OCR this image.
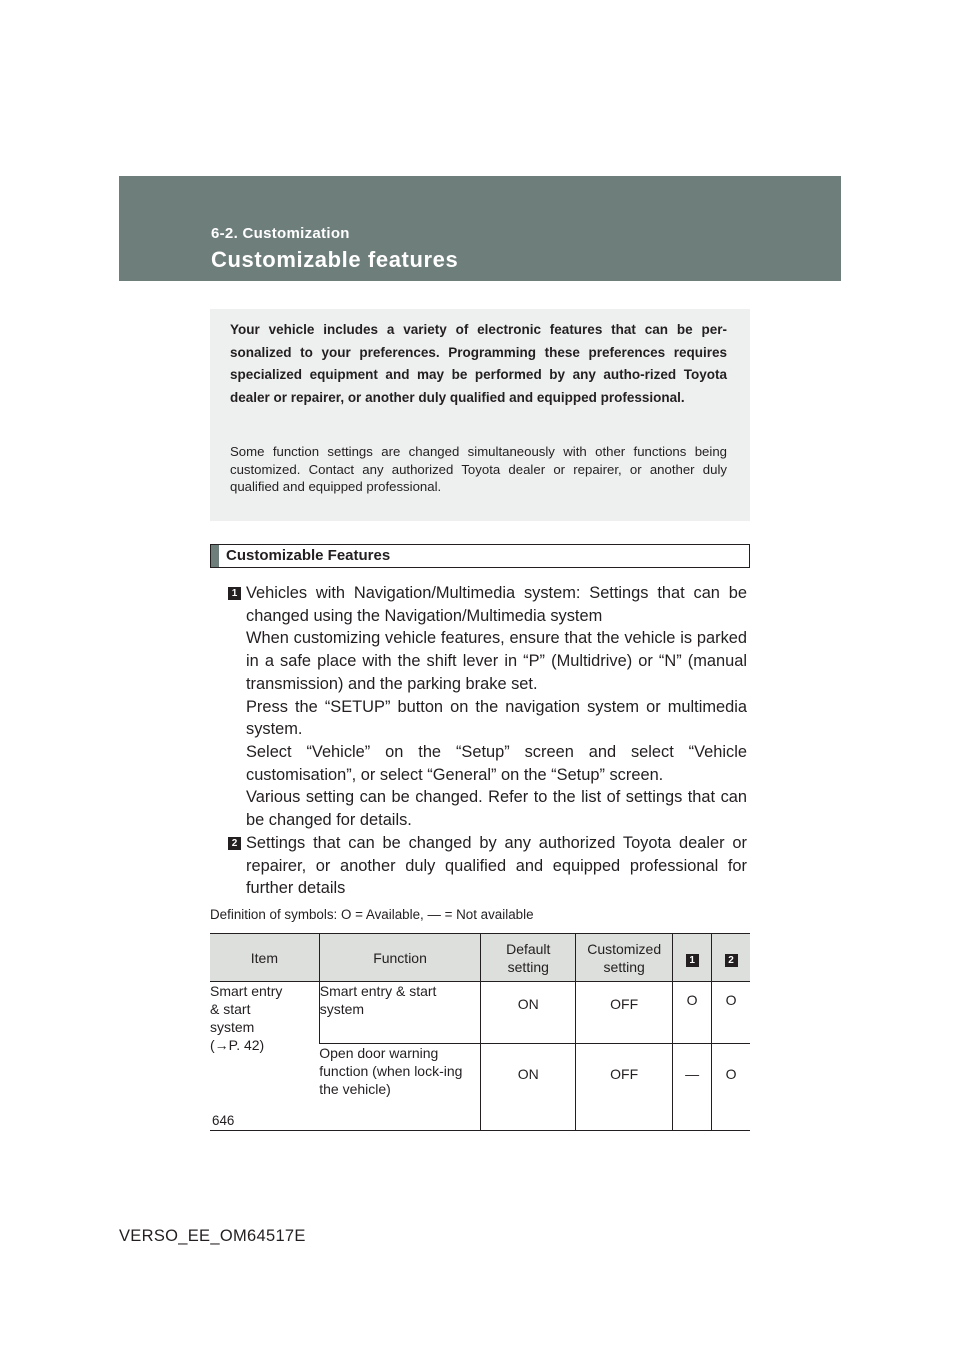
6-2. Customization
Customizable features
Your vehicle includes a variety of electronic features that can be per-sonalized to your preferences. Programming these preferences requires specialized equipment and may be performed by any autho-rized Toyota dealer or repairer, or another duly qualified and equipped professional.
Some function settings are changed simultaneously with other functions being customized. Contact any authorized Toyota dealer or repairer, or another duly qualified and equipped professional.
Customizable Features
1 Vehicles with Navigation/Multimedia system: Settings that can be changed using the Navigation/Multimedia system

When customizing vehicle features, ensure that the vehicle is parked in a safe place with the shift lever in “P” (Multidrive) or “N” (manual transmission) and the parking brake set.

Press the “SETUP” button on the navigation system or multimedia system.

Select “Vehicle” on the “Setup” screen and select “Vehicle customisation”, or select “General” on the “Setup” screen.

Various setting can be changed. Refer to the list of settings that can be changed for details.

2 Settings that can be changed by any authorized Toyota dealer or repairer, or another duly qualified and equipped professional for further details

Definition of symbols: O = Available, — = Not available
Item	Function	Default setting	Customized setting	1	2

Smart entry
& start
system
(→P. 42)	Smart entry & start system	ON	OFF	O	O
	Open door warning function (when lock-ing the vehicle)	ON	OFF	—	O
646
VERSO_EE_OM64517E
